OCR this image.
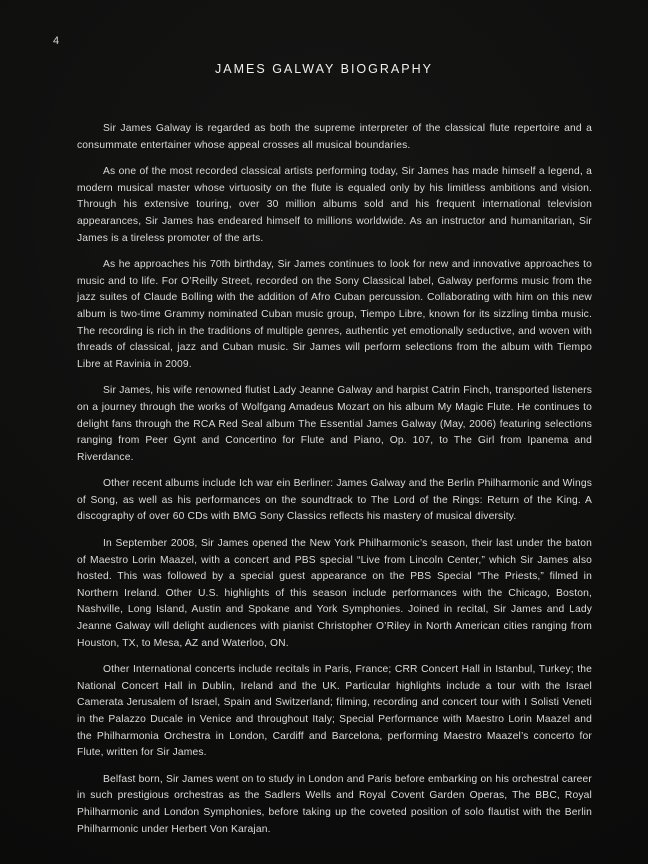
4
JAMES GALWAY BIOGRAPHY

Sir James Galway is regarded as both the supreme interpreter of the classical flute repertoire and a consummate entertainer whose appeal crosses all musical boundaries.

As one of the most recorded classical artists performing today, Sir James has made himself a legend, a modern musical master whose virtuosity on the flute is equaled only by his limitless ambitions and vision. Through his extensive touring, over 30 million albums sold and his frequent international television appearances, Sir James has endeared himself to millions worldwide. As an instructor and humanitarian, Sir James is a tireless promoter of the arts.

As he approaches his 70th birthday, Sir James continues to look for new and innovative approaches to music and to life. For O’Reilly Street, recorded on the Sony Classical label, Galway performs music from the jazz suites of Claude Bolling with the addition of Afro Cuban percussion. Collaborating with him on this new album is two-time Grammy nominated Cuban music group, Tiempo Libre, known for its sizzling timba music. The recording is rich in the traditions of multiple genres, authentic yet emotionally seductive, and woven with threads of classical, jazz and Cuban music. Sir James will perform selections from the album with Tiempo Libre at Ravinia in 2009.

Sir James, his wife renowned flutist Lady Jeanne Galway and harpist Catrin Finch, transported listeners on a journey through the works of Wolfgang Amadeus Mozart on his album My Magic Flute. He continues to delight fans through the RCA Red Seal album The Essential James Galway (May, 2006) featuring selections ranging from Peer Gynt and Concertino for Flute and Piano, Op. 107, to The Girl from Ipanema and Riverdance.

Other recent albums include Ich war ein Berliner: James Galway and the Berlin Philharmonic and Wings of Song, as well as his performances on the soundtrack to The Lord of the Rings: Return of the King. A discography of over 60 CDs with BMG Sony Classics reflects his mastery of musical diversity.

In September 2008, Sir James opened the New York Philharmonic’s season, their last under the baton of Maestro Lorin Maazel, with a concert and PBS special “Live from Lincoln Center,” which Sir James also hosted. This was followed by a special guest appearance on the PBS Special “The Priests,” filmed in Northern Ireland. Other U.S. highlights of this season include performances with the Chicago, Boston, Nashville, Long Island, Austin and Spokane and York Symphonies. Joined in recital, Sir James and Lady Jeanne Galway will delight audiences with pianist Christopher O’Riley in North American cities ranging from Houston, TX, to Mesa, AZ and Waterloo, ON.

Other International concerts include recitals in Paris, France; CRR Concert Hall in Istanbul, Turkey; the National Concert Hall in Dublin, Ireland and the UK. Particular highlights include a tour with the Israel Camerata Jerusalem of Israel, Spain and Switzerland; filming, recording and concert tour with I Solisti Veneti in the Palazzo Ducale in Venice and throughout Italy; Special Performance with Maestro Lorin Maazel and the Philharmonia Orchestra in London, Cardiff and Barcelona, performing Maestro Maazel’s concerto for Flute, written for Sir James.

Belfast born, Sir James went on to study in London and Paris before embarking on his orchestral career in such prestigious orchestras as the Sadlers Wells and Royal Covent Garden Operas, The BBC, Royal Philharmonic and London Symphonies, before taking up the coveted position of solo flautist with the Berlin Philharmonic under Herbert Von Karajan.
